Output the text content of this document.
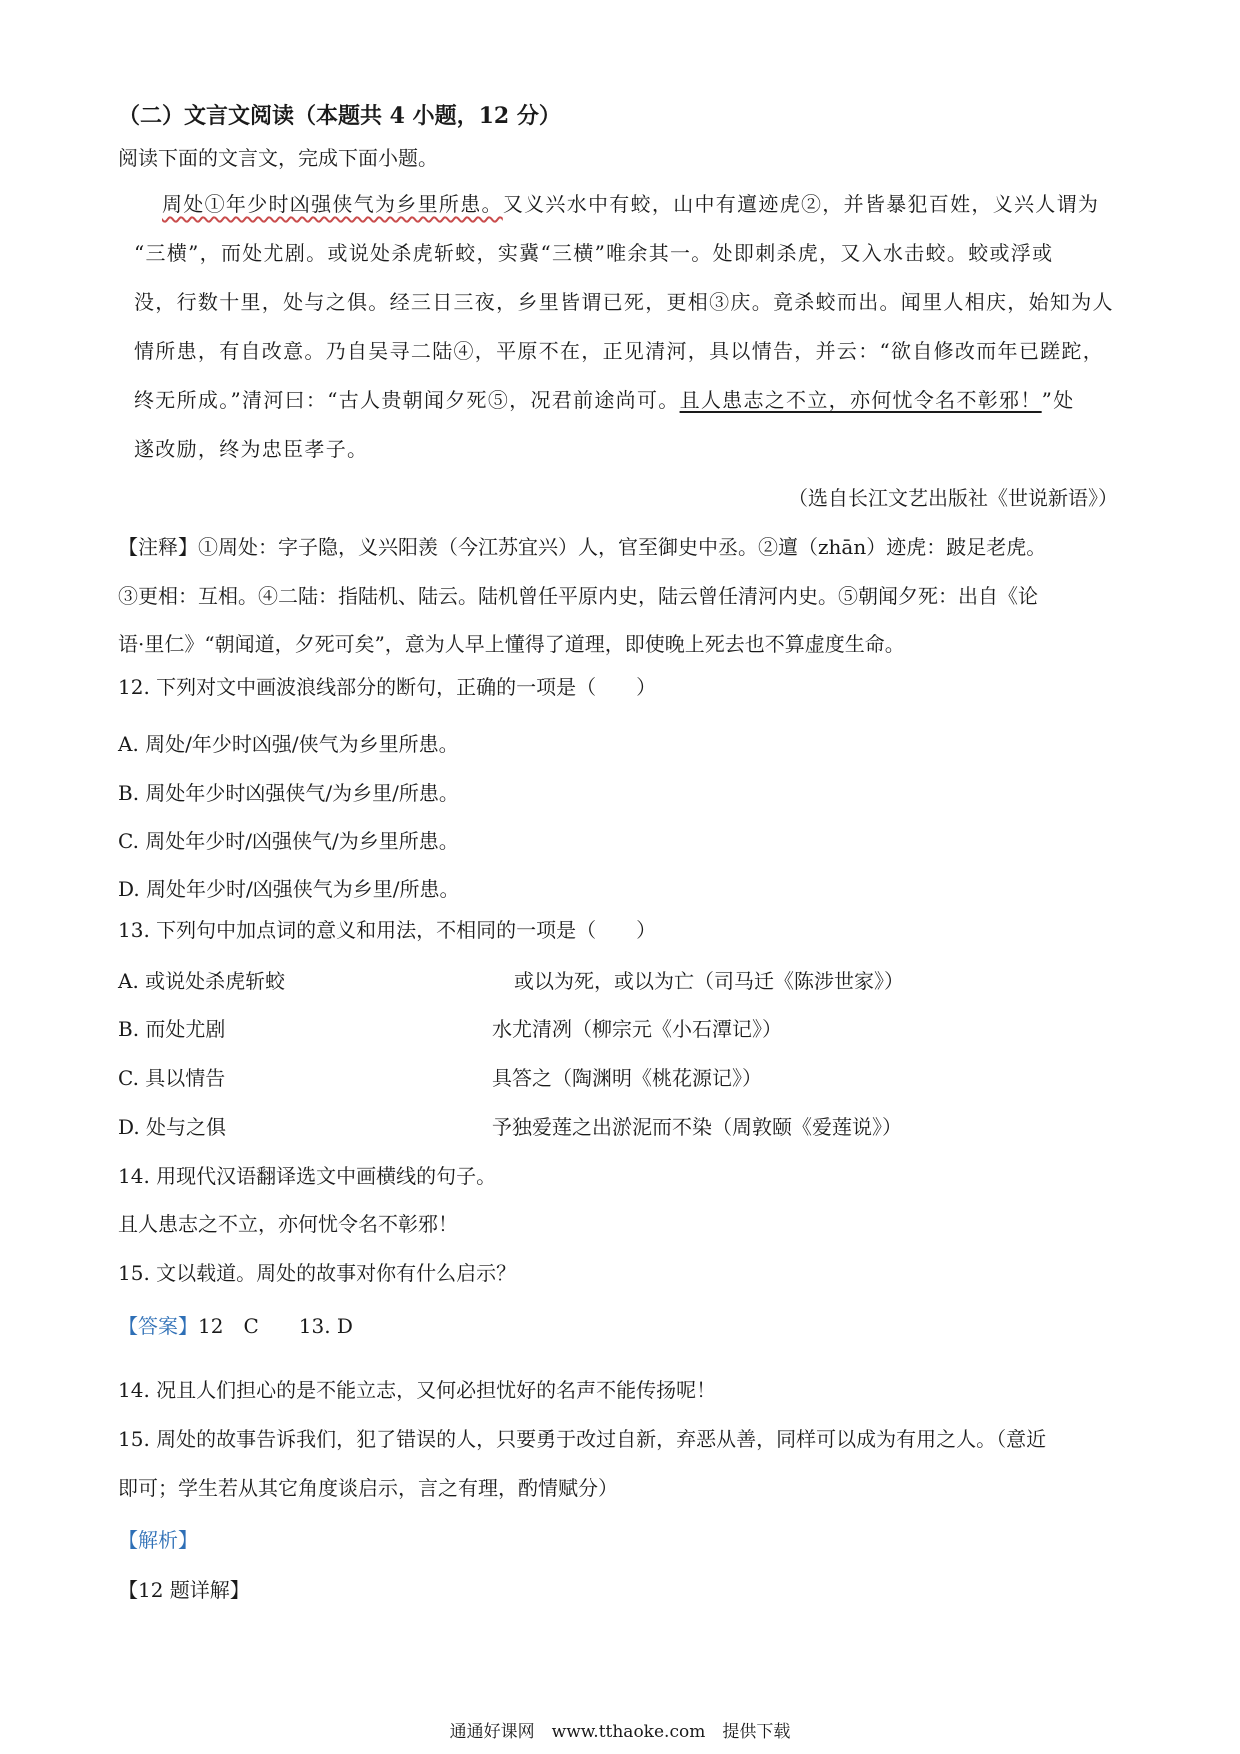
（二）文言文阅读（本题共 4 小题，12 分）
阅读下面的文言文，完成下面小题。
周处①年少时凶强侠气为乡里所患。又义兴水中有蛟，山中有邅迹虎②，并皆暴犯百姓，义兴人谓为
“三横”，而处尤剧。或说处杀虎斩蛟，实冀“三横”唯余其一。处即刺杀虎，又入水击蛟。蛟或浮或
没，行数十里，处与之俱。经三日三夜，乡里皆谓已死，更相③庆。竟杀蛟而出。闻里人相庆，始知为人
情所患，有自改意。乃自吴寻二陆④，平原不在，正见清河，具以情告，并云：“欲自修改而年已蹉跎，
终无所成。”清河曰：“古人贵朝闻夕死⑤，况君前途尚可。且人患志之不立，亦何忧令名不彰邪！”处
遂改励，终为忠臣孝子。
（选自长江文艺出版社《世说新语》）
【注释】①周处：字子隐，义兴阳羡（今江苏宜兴）人，官至御史中丞。②邅（zhān）迹虎：跛足老虎。
③更相：互相。④二陆：指陆机、陆云。陆机曾任平原内史，陆云曾任清河内史。⑤朝闻夕死：出自《论
语·里仁》“朝闻道，夕死可矣”，意为人早上懂得了道理，即使晚上死去也不算虚度生命。
12. 下列对文中画波浪线部分的断句，正确的一项是（　　）
A. 周处/年少时凶强/侠气为乡里所患。
B. 周处年少时凶强侠气/为乡里/所患。
C. 周处年少时/凶强侠气/为乡里所患。
D. 周处年少时/凶强侠气为乡里/所患。
13. 下列句中加点词的意义和用法，不相同的一项是（　　）
A. 或说处杀虎斩蛟	或以为死，或以为亡（司马迁《陈涉世家》）
B. 而处尤剧	水尤清冽（柳宗元《小石潭记》）
C. 具以情告	具答之（陶渊明《桃花源记》）
D. 处与之俱	予独爱莲之出淤泥而不染（周敦颐《爱莲说》）
14. 用现代汉语翻译选文中画横线的句子。
且人患志之不立，亦何忧令名不彰邪！
15. 文以载道。周处的故事对你有什么启示？
【答案】12　C　　13. D
14. 况且人们担心的是不能立志，又何必担忧好的名声不能传扬呢！
15. 周处的故事告诉我们，犯了错误的人，只要勇于改过自新，弃恶从善，同样可以成为有用之人。（意近
即可；学生若从其它角度谈启示，言之有理，酌情赋分）
【解析】
【12 题详解】
通通好课网　www.tthaoke.com　提供下载
